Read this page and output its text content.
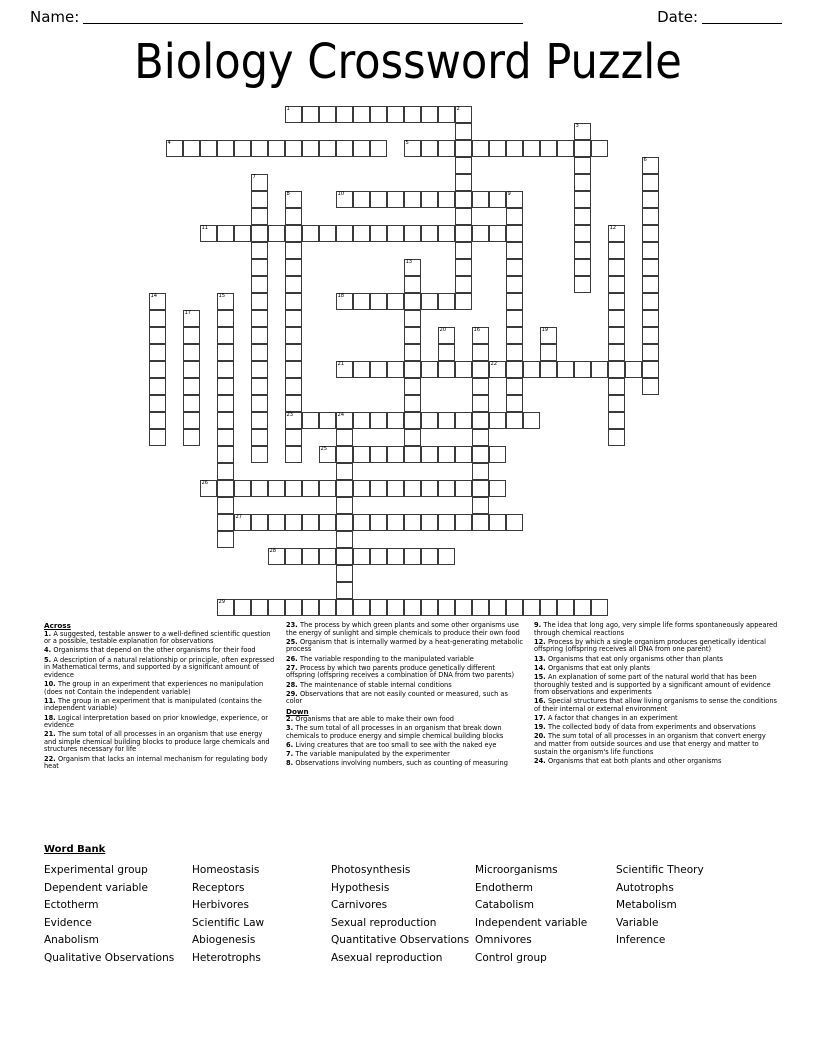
Name:	Date:
Biology Crossword Puzzle
1	2
3
4	5
6
7
8	10	9
11	12
13
14	15	18
17
20	16	19
21	22
23	24
25
26
27
28
29
Across
1. A suggested, testable answer to a well-defined scientific question or a possible, testable explanation for observations
4. Organisms that depend on the other organisms for their food
5. A description of a natural relationship or principle, often expressed in Mathematical terms, and supported by a significant amount of evidence
10. The group in an experiment that experiences no manipulation (does not Contain the independent variable)
11. The group in an experiment that is manipulated (contains the independent variable)
18. Logical interpretation based on prior knowledge, experience, or evidence
21. The sum total of all processes in an organism that use energy and simple chemical building blocks to produce large chemicals and structures necessary for life
22. Organism that lacks an internal mechanism for regulating body heat
23. The process by which green plants and some other organisms use the energy of sunlight and simple chemicals to produce their own food
25. Organism that is internally warmed by a heat-generating metabolic process
26. The variable responding to the manipulated variable
27. Process by which two parents produce genetically different offspring (offspring receives a combination of DNA from two parents)
28. The maintenance of stable internal conditions
29. Observations that are not easily counted or measured, such as color
Down
2. Organisms that are able to make their own food
3. The sum total of all processes in an organism that break down chemicals to produce energy and simple chemical building blocks
6. Living creatures that are too small to see with the naked eye
7. The variable manipulated by the experimenter
8. Observations involving numbers, such as counting of measuring
9. The idea that long ago, very simple life forms spontaneously appeared through chemical reactions
12. Process by which a single organism produces genetically identical offspring (offspring receives all DNA from one parent)
13. Organisms that eat only organisms other than plants
14. Organisms that eat only plants
15. An explanation of some part of the natural world that has been thoroughly tested and is supported by a significant amount of evidence from observations and experiments
16. Special structures that allow living organisms to sense the conditions of their internal or external environment
17. A factor that changes in an experiment
19. The collected body of data from experiments and observations
20. The sum total of all processes in an organism that convert energy and matter from outside sources and use that energy and matter to sustain the organism's life functions
24. Organisms that eat both plants and other organisms
Word Bank
Experimental group
Dependent variable
Ectotherm
Evidence
Anabolism
Qualitative Observations
Homeostasis
Receptors
Herbivores
Scientific Law
Abiogenesis
Heterotrophs
Photosynthesis
Hypothesis
Carnivores
Sexual reproduction
Quantitative Observations
Asexual reproduction
Microorganisms
Endotherm
Catabolism
Independent variable
Omnivores
Control group
Scientific Theory
Autotrophs
Metabolism
Variable
Inference
